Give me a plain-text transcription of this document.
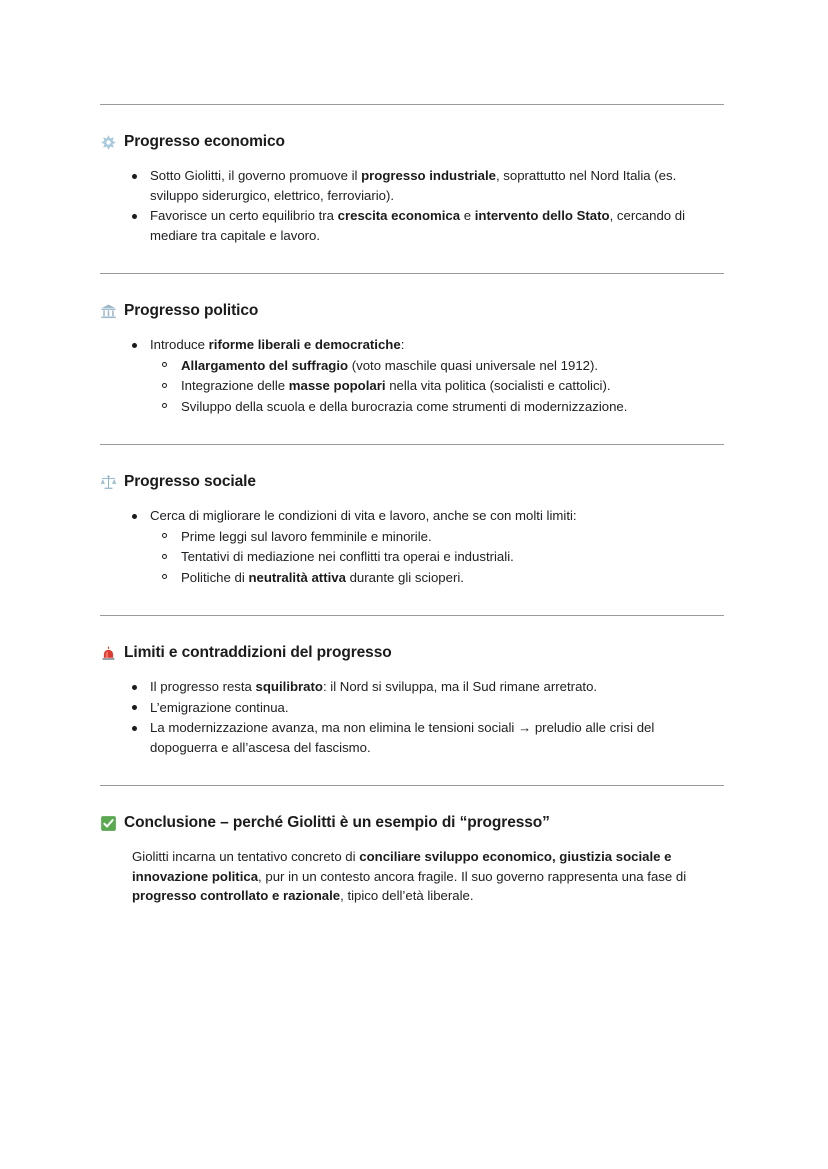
Progresso economico
Sotto Giolitti, il governo promuove il progresso industriale, soprattutto nel Nord Italia (es. sviluppo siderurgico, elettrico, ferroviario).
Favorisce un certo equilibrio tra crescita economica e intervento dello Stato, cercando di mediare tra capitale e lavoro.
Progresso politico
Introduce riforme liberali e democratiche:
Allargamento del suffragio (voto maschile quasi universale nel 1912).
Integrazione delle masse popolari nella vita politica (socialisti e cattolici).
Sviluppo della scuola e della burocrazia come strumenti di modernizzazione.
Progresso sociale
Cerca di migliorare le condizioni di vita e lavoro, anche se con molti limiti:
Prime leggi sul lavoro femminile e minorile.
Tentativi di mediazione nei conflitti tra operai e industriali.
Politiche di neutralità attiva durante gli scioperi.
Limiti e contraddizioni del progresso
Il progresso resta squilibrato: il Nord si sviluppa, ma il Sud rimane arretrato.
L’emigrazione continua.
La modernizzazione avanza, ma non elimina le tensioni sociali → preludio alle crisi del dopoguerra e all’ascesa del fascismo.
Conclusione – perché Giolitti è un esempio di “progresso”

Giolitti incarna un tentativo concreto di conciliare sviluppo economico, giustizia sociale e innovazione politica, pur in un contesto ancora fragile. Il suo governo rappresenta una fase di progresso controllato e razionale, tipico dell’età liberale.
